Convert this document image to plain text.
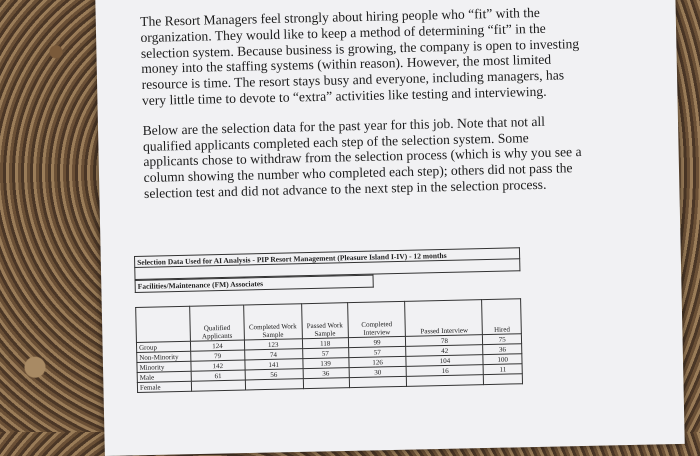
The Resort Managers feel strongly about hiring people who “fit” with the organization. They would like to keep a method of determining “fit” in the selection system. Because business is growing, the company is open to investing money into the staffing systems (within reason). However, the most limited resource is time. The resort stays busy and everyone, including managers, has very little time to devote to “extra” activities like testing and interviewing.

Below are the selection data for the past year for this job. Note that not all qualified applicants completed each step of the selection system. Some applicants chose to withdraw from the selection process (which is why you see a column showing the number who completed each step); others did not pass the selection test and did not advance to the next step in the selection process.

Selection Data Used for AI Analysis - PIP Resort Management (Pleasure Island I-IV) - 12 months

Facilities/Maintenance (FM) Associates
	Qualified Applicants	Completed Work Sample	Passed Work Sample	Completed Interview	Passed Interview	Hired
Group	124	123	118	99	78	75
Non-Minority	79	74	57	57	42	36
Minority	142	141	139	126	104	100
Male	61	56	36	30	16	11
Female						
